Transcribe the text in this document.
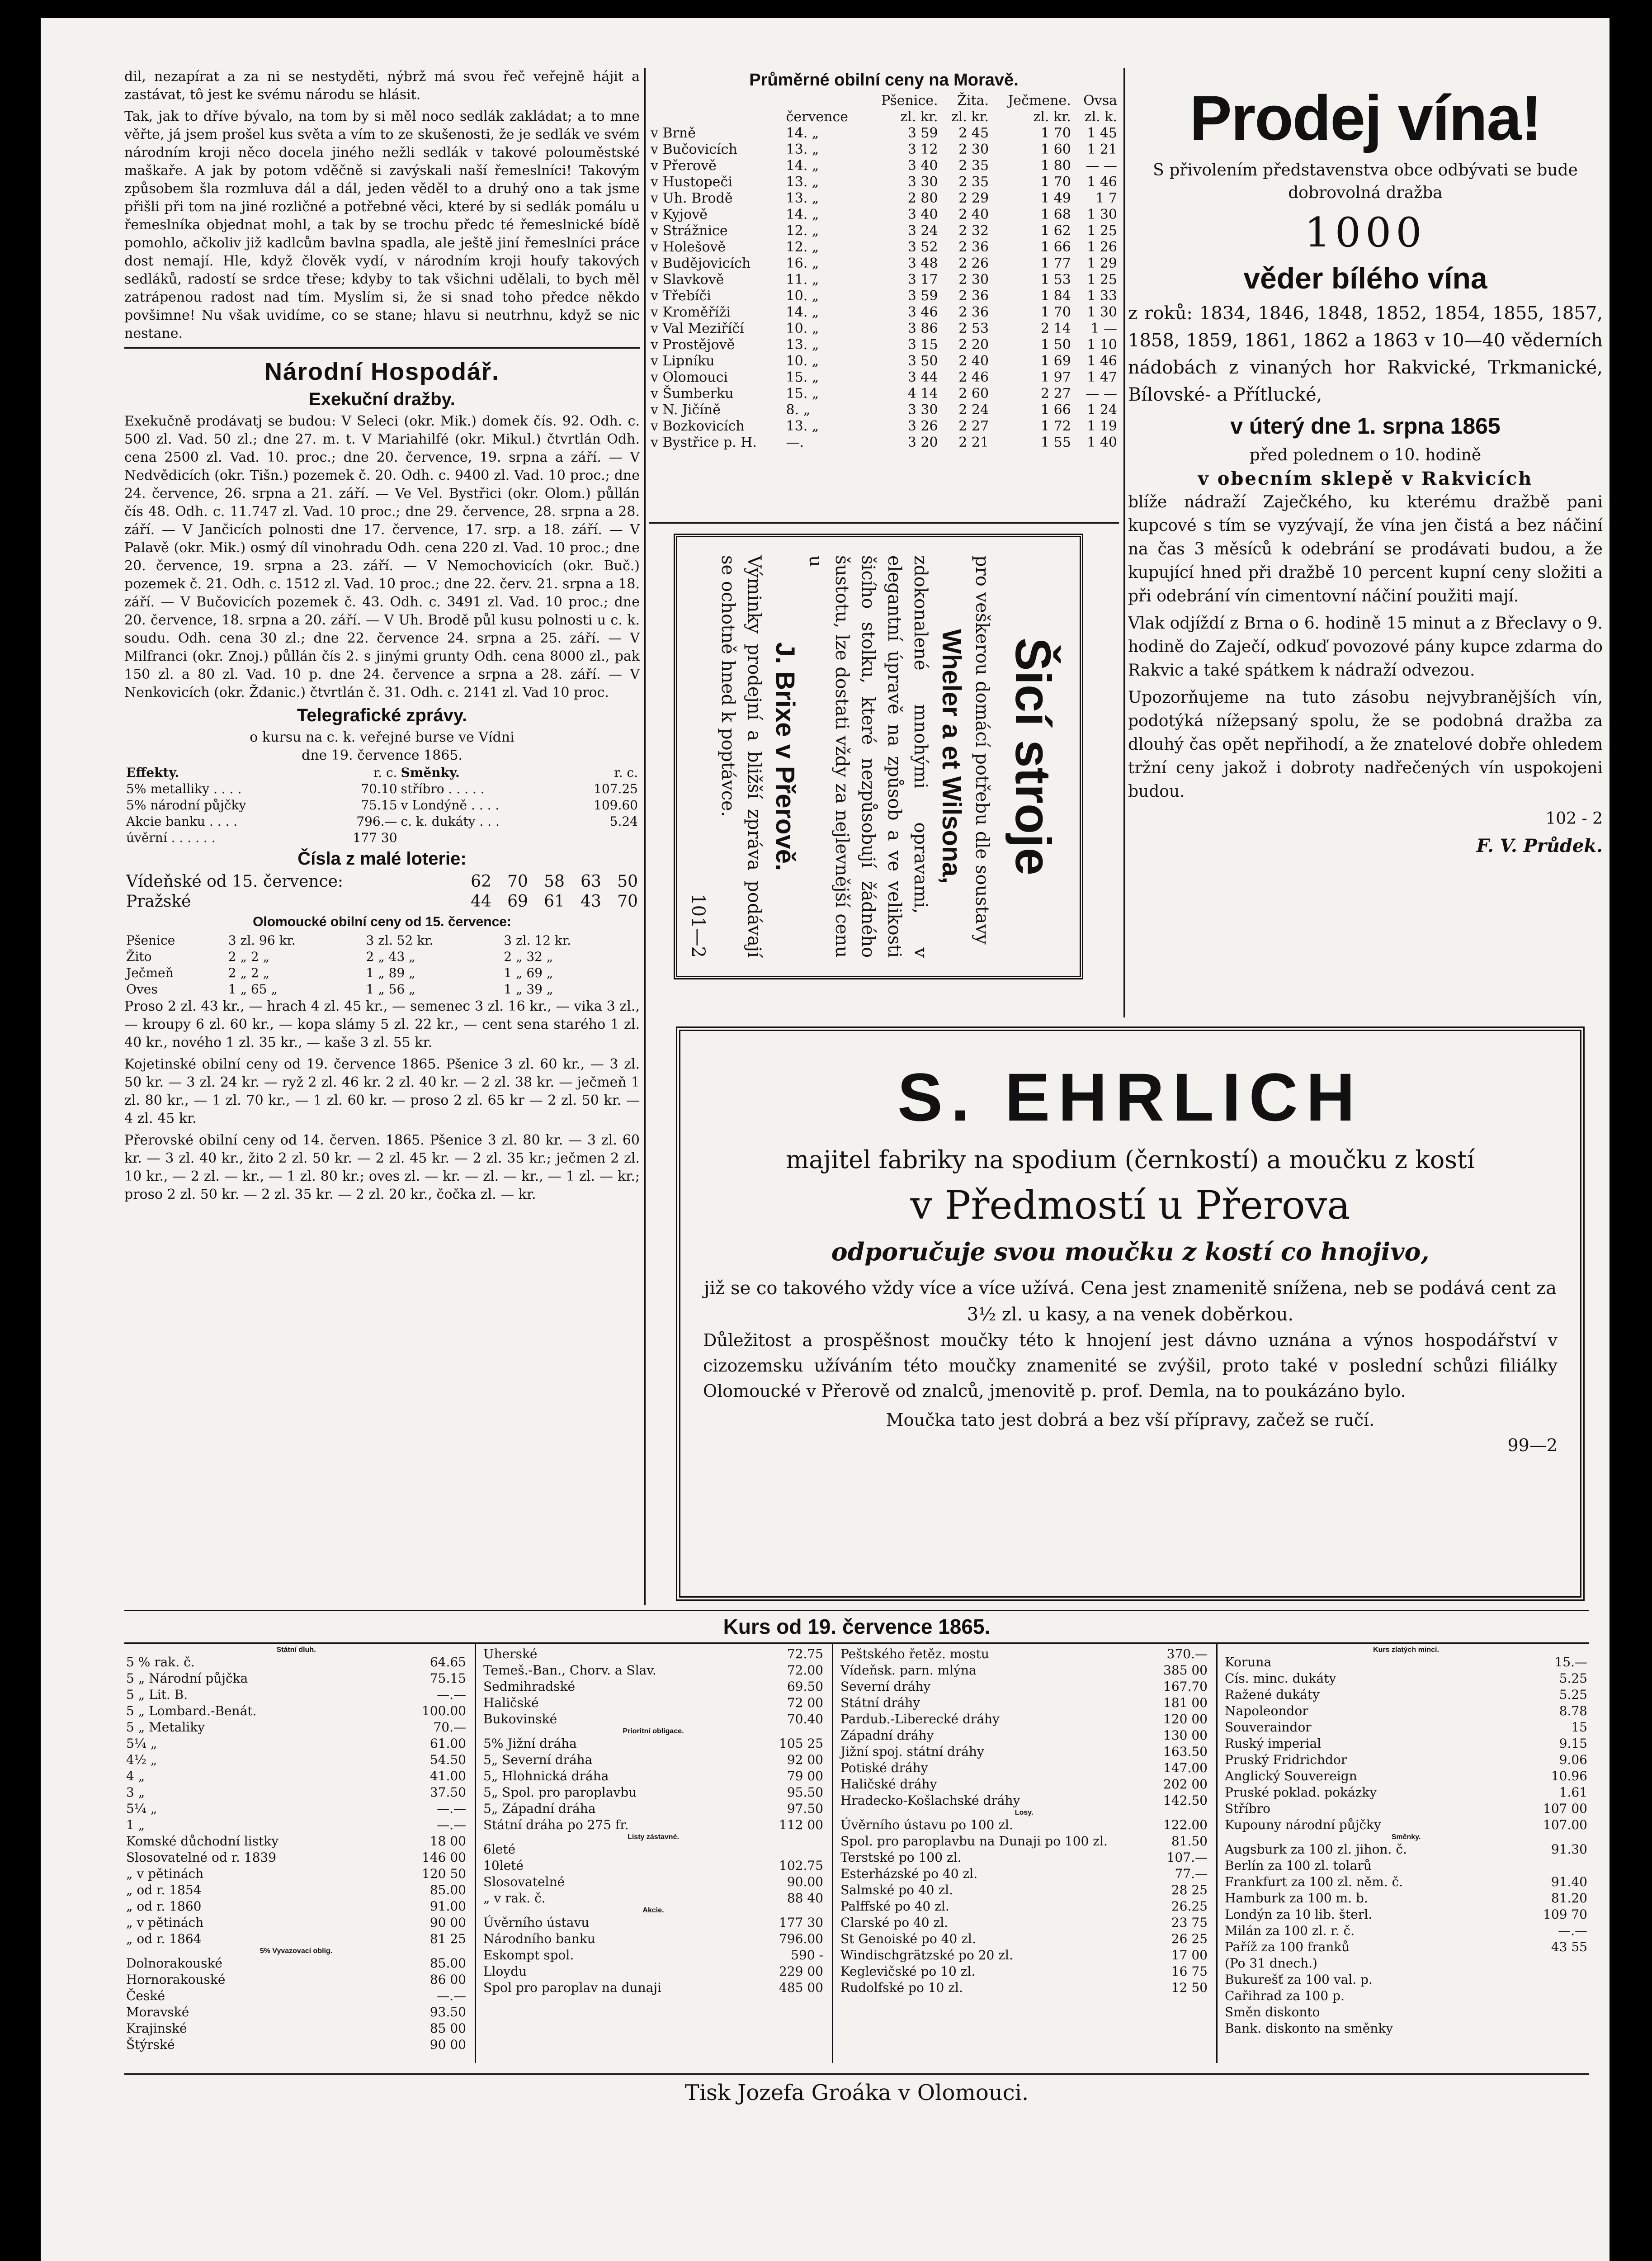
dil, nezapírat a za ni se nestyděti, nýbrž má svou řeč veřejně hájit a zastávat, tô jest ke svému národu se hlásit.

Tak, jak to dříve bývalo, na tom by si měl noco sedlák zakládat; a to mne věřte, já jsem prošel kus světa a vím to ze skušenosti, že je sedlák ve svém národním kroji něco docela jiného nežli sedlák v takové polouměstské maškaře. A jak by potom vděčně si zavýskali naší řemeslníci! Takovým způsobem šla rozmluva dál a dál, jeden věděl to a druhý ono a tak jsme přišli při tom na jiné rozličné a potřebné věci, které by si sedlák pomálu u řemeslníka objednat mohl, a tak by se trochu předc té řemeslnické bídě pomohlo, ačkoliv již kadlcům bavlna spadla, ale ještě jiní řemeslníci práce dost nemají. Hle, když člověk vydí, v národním kroji houfy takových sedláků, radostí se srdce třese; kdyby to tak všichni udělali, to bych měl zatrápenou radost nad tím. Myslím si, že si snad toho předce někdo povšimne! Nu však uvidíme, co se stane; hlavu si neutrhnu, když se nic nestane.

Národní Hospodář.
Exekuční dražby.

Exekučně prodávatj se budou: V Seleci (okr. Mik.) domek čís. 92. Odh. c. 500 zl. Vad. 50 zl.; dne 27. m. t. V Mariahilfé (okr. Mikul.) čtvrtlán Odh. cena 2500 zl. Vad. 10. proc.; dne 20. července, 19. srpna a září. — V Nedvědicích (okr. Tišn.) pozemek č. 20. Odh. c. 9400 zl. Vad. 10 proc.; dne 24. července, 26. srpna a 21. září. — Ve Vel. Bystřici (okr. Olom.) půllán čís 48. Odh. c. 11.747 zl. Vad. 10 proc.; dne 29. července, 28. srpna a 28. září. — V Jančicích polnosti dne 17. července, 17. srp. a 18. září. — V Palavě (okr. Mik.) osmý díl vinohradu Odh. cena 220 zl. Vad. 10 proc.; dne 20. července, 19. srpna a 23. září. — V Nemochovicích (okr. Buč.) pozemek č. 21. Odh. c. 1512 zl. Vad. 10 proc.; dne 22. červ. 21. srpna a 18. září. — V Bučovicích pozemek č. 43. Odh. c. 3491 zl. Vad. 10 proc.; dne 20. července, 18. srpna a 20. září. — V Uh. Brodě půl kusu polnosti u c. k. soudu. Odh. cena 30 zl.; dne 22. července 24. srpna a 25. září. — V Milfranci (okr. Znoj.) půllán čís 2. s jinými grunty Odh. cena 8000 zl., pak 150 zl. a 80 zl. Vad. 10 p. dne 24. července a srpna a 28. září. — V Nenkovicích (okr. Ždanic.) čtvrtlán č. 31. Odh. c. 2141 zl. Vad 10 proc.

Telegrafické zprávy.

o kursu na c. k. veřejné burse ve Vídni

dne 19. července 1865.

Effekty.	r. c.	Směnky.	r. c.
5% metalliky . . . .	70.10	stříbro . . . . .	107.25
5% národní půjčky	75.15	v Londýně . . . .	109.60
Akcie banku . . . .	796.—	c. k. dukáty . . .	5.24
úvěrní . . . . . .	177 30		
Čísla z malé loterie:
Vídeňské od 15. července:	62	70	58	63	50
Pražské	44	69	61	43	70
Olomoucké obilní ceny od 15. července:
Pšenice	3 zl. 96 kr.	3 zl. 52 kr.	3 zl. 12 kr.
Žito	2 „ 2 „	2 „ 43 „	2 „ 32 „
Ječmeň	2 „ 2 „	1 „ 89 „	1 „ 69 „
Oves	1 „ 65 „	1 „ 56 „	1 „ 39 „

Proso 2 zl. 43 kr., — hrach 4 zl. 45 kr., — semenec 3 zl. 16 kr., — vika 3 zl., — kroupy 6 zl. 60 kr., — kopa slámy 5 zl. 22 kr., — cent sena starého 1 zl. 40 kr., nového 1 zl. 35 kr., — kaše 3 zl. 55 kr.

Kojetinské obilní ceny od 19. července 1865. Pšenice 3 zl. 60 kr., — 3 zl. 50 kr. — 3 zl. 24 kr. — ryž 2 zl. 46 kr. 2 zl. 40 kr. — 2 zl. 38 kr. — ječmeň 1 zl. 80 kr., — 1 zl. 70 kr., — 1 zl. 60 kr. — proso 2 zl. 65 kr — 2 zl. 50 kr. — 4 zl. 45 kr.

Přerovské obilní ceny od 14. červen. 1865. Pšenice 3 zl. 80 kr. — 3 zl. 60 kr. — 3 zl. 40 kr., žito 2 zl. 50 kr. — 2 zl. 45 kr. — 2 zl. 35 kr.; ječmen 2 zl. 10 kr., — 2 zl. — kr., — 1 zl. 80 kr.; oves zl. — kr. — zl. — kr., — 1 zl. — kr.; proso 2 zl. 50 kr. — 2 zl. 35 kr. — 2 zl. 20 kr., čočka zl. — kr.

Průměrné obilní ceny na Moravě.
		Pšenice.	Žita.	Ječmene.	Ovsa
	července	zl. kr.	zl. kr.	zl. kr.	zl. k.
v Brně	14. „	3 59	2 45	1 70	1 45
v Bučovicích	13. „	3 12	2 30	1 60	1 21
v Přerově	14. „	3 40	2 35	1 80	— —
v Hustopeči	13. „	3 30	2 35	1 70	1 46
v Uh. Brodě	13. „	2 80	2 29	1 49	1 7
v Kyjově	14. „	3 40	2 40	1 68	1 30
v Strážnice	12. „	3 24	2 32	1 62	1 25
v Holešově	12. „	3 52	2 36	1 66	1 26
v Budějovicích	16. „	3 48	2 26	1 77	1 29
v Slavkově	11. „	3 17	2 30	1 53	1 25
v Třebíči	10. „	3 59	2 36	1 84	1 33
v Kroměříži	14. „	3 46	2 36	1 70	1 30
v Val Meziříčí	10. „	3 86	2 53	2 14	1 —
v Prostějově	13. „	3 15	2 20	1 50	1 10
v Lipníku	10. „	3 50	2 40	1 69	1 46
v Olomouci	15. „	3 44	2 46	1 97	1 47
v Šumberku	15. „	4 14	2 60	2 27	— —
v N. Jičíně	8. „	3 30	2 24	1 66	1 24
v Bozkovicích	13. „	3 26	2 27	1 72	1 19
v Bystřice p. H.	—.	3 20	2 21	1 55	1 40
Šicí stroje

pro veškerou domácí potřebu dle soustavy

Wheler a et Wilsona,

zdokonalené mnohými opravami, v elegantní úpravě na způsob a ve velikosti šicího stolku, které nezpůsobují žádného šustotu, lze dostati vždy za nejlevnější cenu u

J. Brixe v Přerově.

Výminky prodejní a bližší zpráva podávají se ochotně hned k poptávce.

101—2

Prodej vína!

S přivolením představenstva obce odbývati se bude dobrovolná dražba

1000
věder bílého vína

z roků: 1834, 1846, 1848, 1852, 1854, 1855, 1857, 1858, 1859, 1861, 1862 a 1863 v 10—40 věderních nádobách z vinaných hor Rakvické, Trkmanické, Bílovské- a Přítlucké,

v úterý dne 1. srpna 1865

před polednem o 10. hodině

v obecním sklepě v Rakvicích

blíže nádraží Zaječkého, ku kterému dražbě pani kupcové s tím se vyzývají, že vína jen čistá a bez náčiní na čas 3 měsíců k odebrání se prodávati budou, a že kupující hned při dražbě 10 percent kupní ceny složiti a při odebrání vín cimentovní náčiní použiti mají.

Vlak odjíždí z Brna o 6. hodině 15 minut a z Břeclavy o 9. hodině do Zaječí, odkuď povozové pány kupce zdarma do Rakvic a také spátkem k nádraží odvezou.

Upozorňujeme na tuto zásobu nejvybranějších vín, podotýká nížepsaný spolu, že se podobná dražba za dlouhý čas opět nepřihodí, a že znatelové dobře ohledem tržní ceny jakož i dobroty nadřečených vín uspokojeni budou.

102 - 2

F. V. Průdek.
S. EHRLICH
majitel fabriky na spodium (černkostí) a moučku z kostí
v Předmostí u Přerova
odporučuje svou moučku z kostí co hnojivo,

již se co takového vždy více a více užívá. Cena jest znamenitě snížena, neb se podává cent za 3½ zl. u kasy, a na venek doběrkou.

Důležitost a prospěšnost moučky této k hnojení jest dávno uznána a výnos hospodářství v cizozemsku užíváním této moučky znamenité se zvýšil, proto také v poslední schůzi filiálky Olomoucké v Přerově od znalců, jmenovitě p. prof. Demla, na to poukázáno bylo.

Moučka tato jest dobrá a bez vší přípravy, začež se ručí.

99—2

Kurs od 19. července 1865.
Státní dluh.
5 % rak. č.	64.65
5 „ Národní půjčka	75.15
5 „ Lit. B.	—.—
5 „ Lombard.-Benát.	100.00
5 „ Metaliky	70.—
5¼ „	61.00
4½ „	54.50
4 „	41.00
3 „	37.50
5¼ „	—.—
1 „	—.—
Komské důchodní listky	18 00
Slosovatelné od r. 1839	146 00
„ v pětinách	120 50
„ od r. 1854	85.00
„ od r. 1860	91.00
„ v pětinách	90 00
„ od r. 1864	81 25
5% Vyvazovací oblig.
Dolnorakouské	85.00
Hornorakouské	86 00
České	—.—
Moravské	93.50
Krajinské	85 00
Štýrské	90 00
Uherské	72.75
Temeš.-Ban., Chorv. a Slav.	72.00
Sedmihradské	69.50
Haličské	72 00
Bukovinské	70.40
Prioritní obligace.
5% Jižní dráha	105 25
5„ Severní dráha	92 00
5„ Hlohnická dráha	79 00
5„ Spol. pro paroplavbu	95.50
5„ Západní dráha	97.50
Státní dráha po 275 fr.	112 00
Listy zástavné.
6leté	
10leté	102.75
Slosovatelné	90.00
„ v rak. č.	88 40
Akcie.
Úvěrního ústavu	177 30
Národního banku	796.00
Eskompt spol.	590 -
Lloydu	229 00
Spol pro paroplav na dunaji	485 00
Peštského řetěz. mostu	370.—
Vídeňsk. parn. mlýna	385 00
Severní dráhy	167.70
Státní dráhy	181 00
Pardub.-Liberecké dráhy	120 00
Západní dráhy	130 00
Jižní spoj. státní dráhy	163.50
Potiské dráhy	147.00
Haličské dráhy	202 00
Hradecko-Košlachské dráhy	142.50
Losy.
Úvěrního ústavu po 100 zl.	122.00
Spol. pro paroplavbu na Dunaji po 100 zl.	81.50
Terstské po 100 zl.	107.—
Esterházské po 40 zl.	77.—
Salmské po 40 zl.	28 25
Palffské po 40 zl.	26.25
Clarské po 40 zl.	23 75
St Genoiské po 40 zl.	26 25
Windischgrätzské po 20 zl.	17 00
Keglevičské po 10 zl.	16 75
Rudolfské po 10 zl.	12 50
Kurs zlatých mincí.
Koruna	15.—
Cís. minc. dukáty	5.25
Ražené dukáty	5.25
Napoleondor	8.78
Souveraindor	15
Ruský imperial	9.15
Pruský Fridrichdor	9.06
Anglický Souvereign	10.96
Pruské poklad. pokázky	1.61
Stříbro	107 00
Kupouny národní půjčky	107.00
Směnky.
Augsburk za 100 zl. jihon. č.	91.30
Berlín za 100 zl. tolarů	
Frankfurt za 100 zl. něm. č.	91.40
Hamburk za 100 m. b.	81.20
Londýn za 10 lib. šterl.	109 70
Milán za 100 zl. r. č.	—.—
Paříž za 100 franků	43 55
(Po 31 dnech.)	
Bukurešť za 100 val. p.	
Cařihrad za 100 p.	
Směn diskonto	
Bank. diskonto na směnky	
Tisk Jozefa Groáka v Olomouci.
